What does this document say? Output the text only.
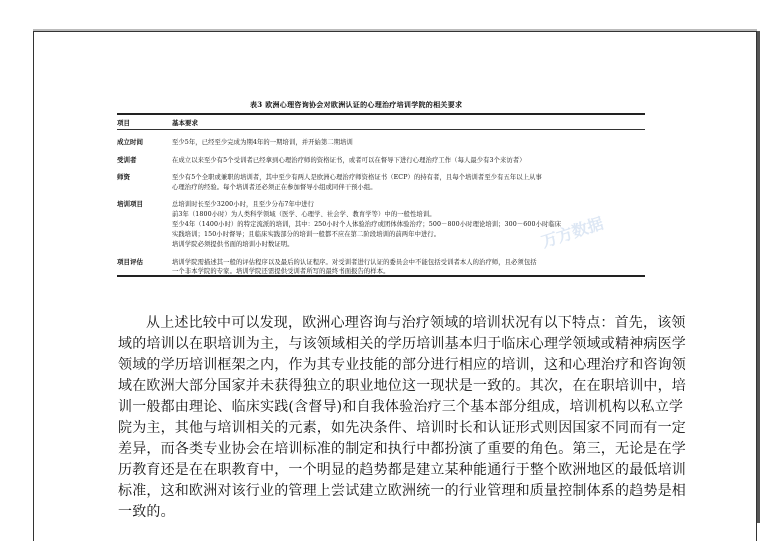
表3 欧洲心理咨询协会对欧洲认证的心理治疗培训学院的相关要求
项目	基本要求
成立时间	至少5年，已经至少完成为期4年的一期培训，并开始第二期培训
受训者	在成立以来至少有5个受训者已经拿到心理治疗师的资格证书，或者可以在督导下进行心理治疗工作（每人最少有3个来访者）
师资	至少有5个全职或兼职的培训者，其中至少有两人是欧洲心理治疗师资格证书（ECP）的持有者，且每个培训者至少有五年以上从事
心理治疗的经验。每个培训者还必须正在参加督导小组或同伴干预小组。
培训项目	总培训时长至少3200小时，且至少分布7年中进行
前3年（1800小时）为人类科学领域（医学、心理学、社会学、教育学等）中的一般性培训。
至少4年（1400小时）的特定流派的培训，其中：250小时个人体验治疗或团体体验治疗；500－800小时理论培训；300－600小时临床
实践培训；150小时督导；且临床实践部分的培训一般都不应在第二阶段培训的前两年中进行。
培训学院必须提供书面的培训小时数证明。
项目评估	培训学院需描述其一般的评估程序以及最后的认证程序。对受训者进行认证的委员会中不能包括受训者本人的治疗师，且必须包括
一个非本学院的专家。培训学院还需提供受训者所写的最终书面报告的样本。
万方数据
从上述比较中可以发现，欧洲心理咨询与治疗领域的培训状况有以下特点：首先，该领
域的培训以在职培训为主，与该领域相关的学历培训基本归于临床心理学领域或精神病医学
领域的学历培训框架之内，作为其专业技能的部分进行相应的培训，这和心理治疗和咨询领
域在欧洲大部分国家并未获得独立的职业地位这一现状是一致的。其次，在在职培训中，培
训一般都由理论、临床实践(含督导)和自我体验治疗三个基本部分组成，培训机构以私立学
院为主，其他与培训相关的元素，如先决条件、培训时长和认证形式则因国家不同而有一定
差异，而各类专业协会在培训标准的制定和执行中都扮演了重要的角色。第三，无论是在学
历教育还是在在职教育中，一个明显的趋势都是建立某种能通行于整个欧洲地区的最低培训
标准，这和欧洲对该行业的管理上尝试建立欧洲统一的行业管理和质量控制体系的趋势是相
一致的。
